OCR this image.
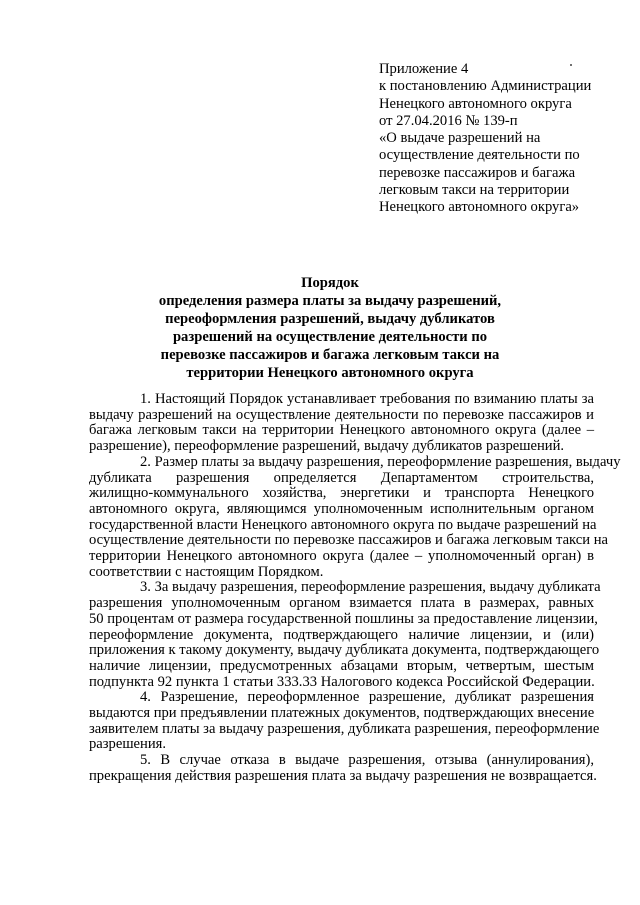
Приложение 4
к постановлению Администрации
Ненецкого автономного округа
от 27.04.2016 № 139-п
«О выдаче разрешений на
осуществление деятельности по
перевозке пассажиров и багажа
легковым такси на территории
Ненецкого автономного округа»
Порядок
определения размера платы за выдачу разрешений,
переоформления разрешений, выдачу дубликатов
разрешений на осуществление деятельности по
перевозке пассажиров и багажа легковым такси на
территории Ненецкого автономного округа
1. Настоящий Порядок устанавливает требования по взиманию платы за
выдачу разрешений на осуществление деятельности по перевозке пассажиров и
багажа легковым такси на территории Ненецкого автономного округа (далее –
разрешение), переоформление разрешений, выдачу дубликатов разрешений.
2. Размер платы за выдачу разрешения, переоформление разрешения, выдачу
дубликата разрешения определяется Департаментом строительства,
жилищно-коммунального хозяйства, энергетики и транспорта Ненецкого
автономного округа, являющимся уполномоченным исполнительным органом
государственной власти Ненецкого автономного округа по выдаче разрешений на
осуществление деятельности по перевозке пассажиров и багажа легковым такси на
территории Ненецкого автономного округа (далее – уполномоченный орган) в
соответствии с настоящим Порядком.
3. За выдачу разрешения, переоформление разрешения, выдачу дубликата
разрешения уполномоченным органом взимается плата в размерах, равных
50 процентам от размера государственной пошлины за предоставление лицензии,
переоформление документа, подтверждающего наличие лицензии, и (или)
приложения к такому документу, выдачу дубликата документа, подтверждающего
наличие лицензии, предусмотренных абзацами вторым, четвертым, шестым
подпункта 92 пункта 1 статьи 333.33 Налогового кодекса Российской Федерации.
4. Разрешение, переоформленное разрешение, дубликат разрешения
выдаются при предъявлении платежных документов, подтверждающих внесение
заявителем платы за выдачу разрешения, дубликата разрешения, переоформление
разрешения.
5. В случае отказа в выдаче разрешения, отзыва (аннулирования),
прекращения действия разрешения плата за выдачу разрешения не возвращается.
